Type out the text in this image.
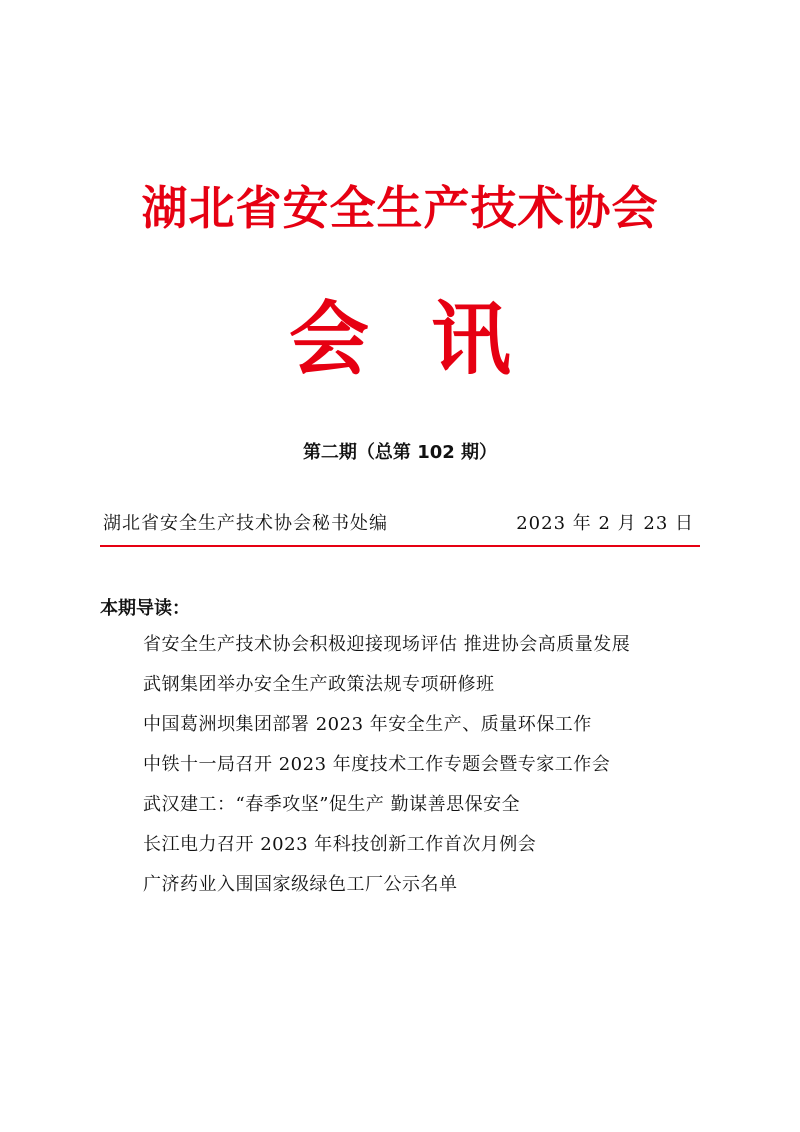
湖北省安全生产技术协会
会讯
第二期（总第 102 期）
湖北省安全生产技术协会秘书处编	2023 年 2 月 23 日
本期导读：
省安全生产技术协会积极迎接现场评估 推进协会高质量发展
武钢集团举办安全生产政策法规专项研修班
中国葛洲坝集团部署 2023 年安全生产、质量环保工作
中铁十一局召开 2023 年度技术工作专题会暨专家工作会
武汉建工：“春季攻坚”促生产 勤谋善思保安全
长江电力召开 2023 年科技创新工作首次月例会
广济药业入围国家级绿色工厂公示名单
